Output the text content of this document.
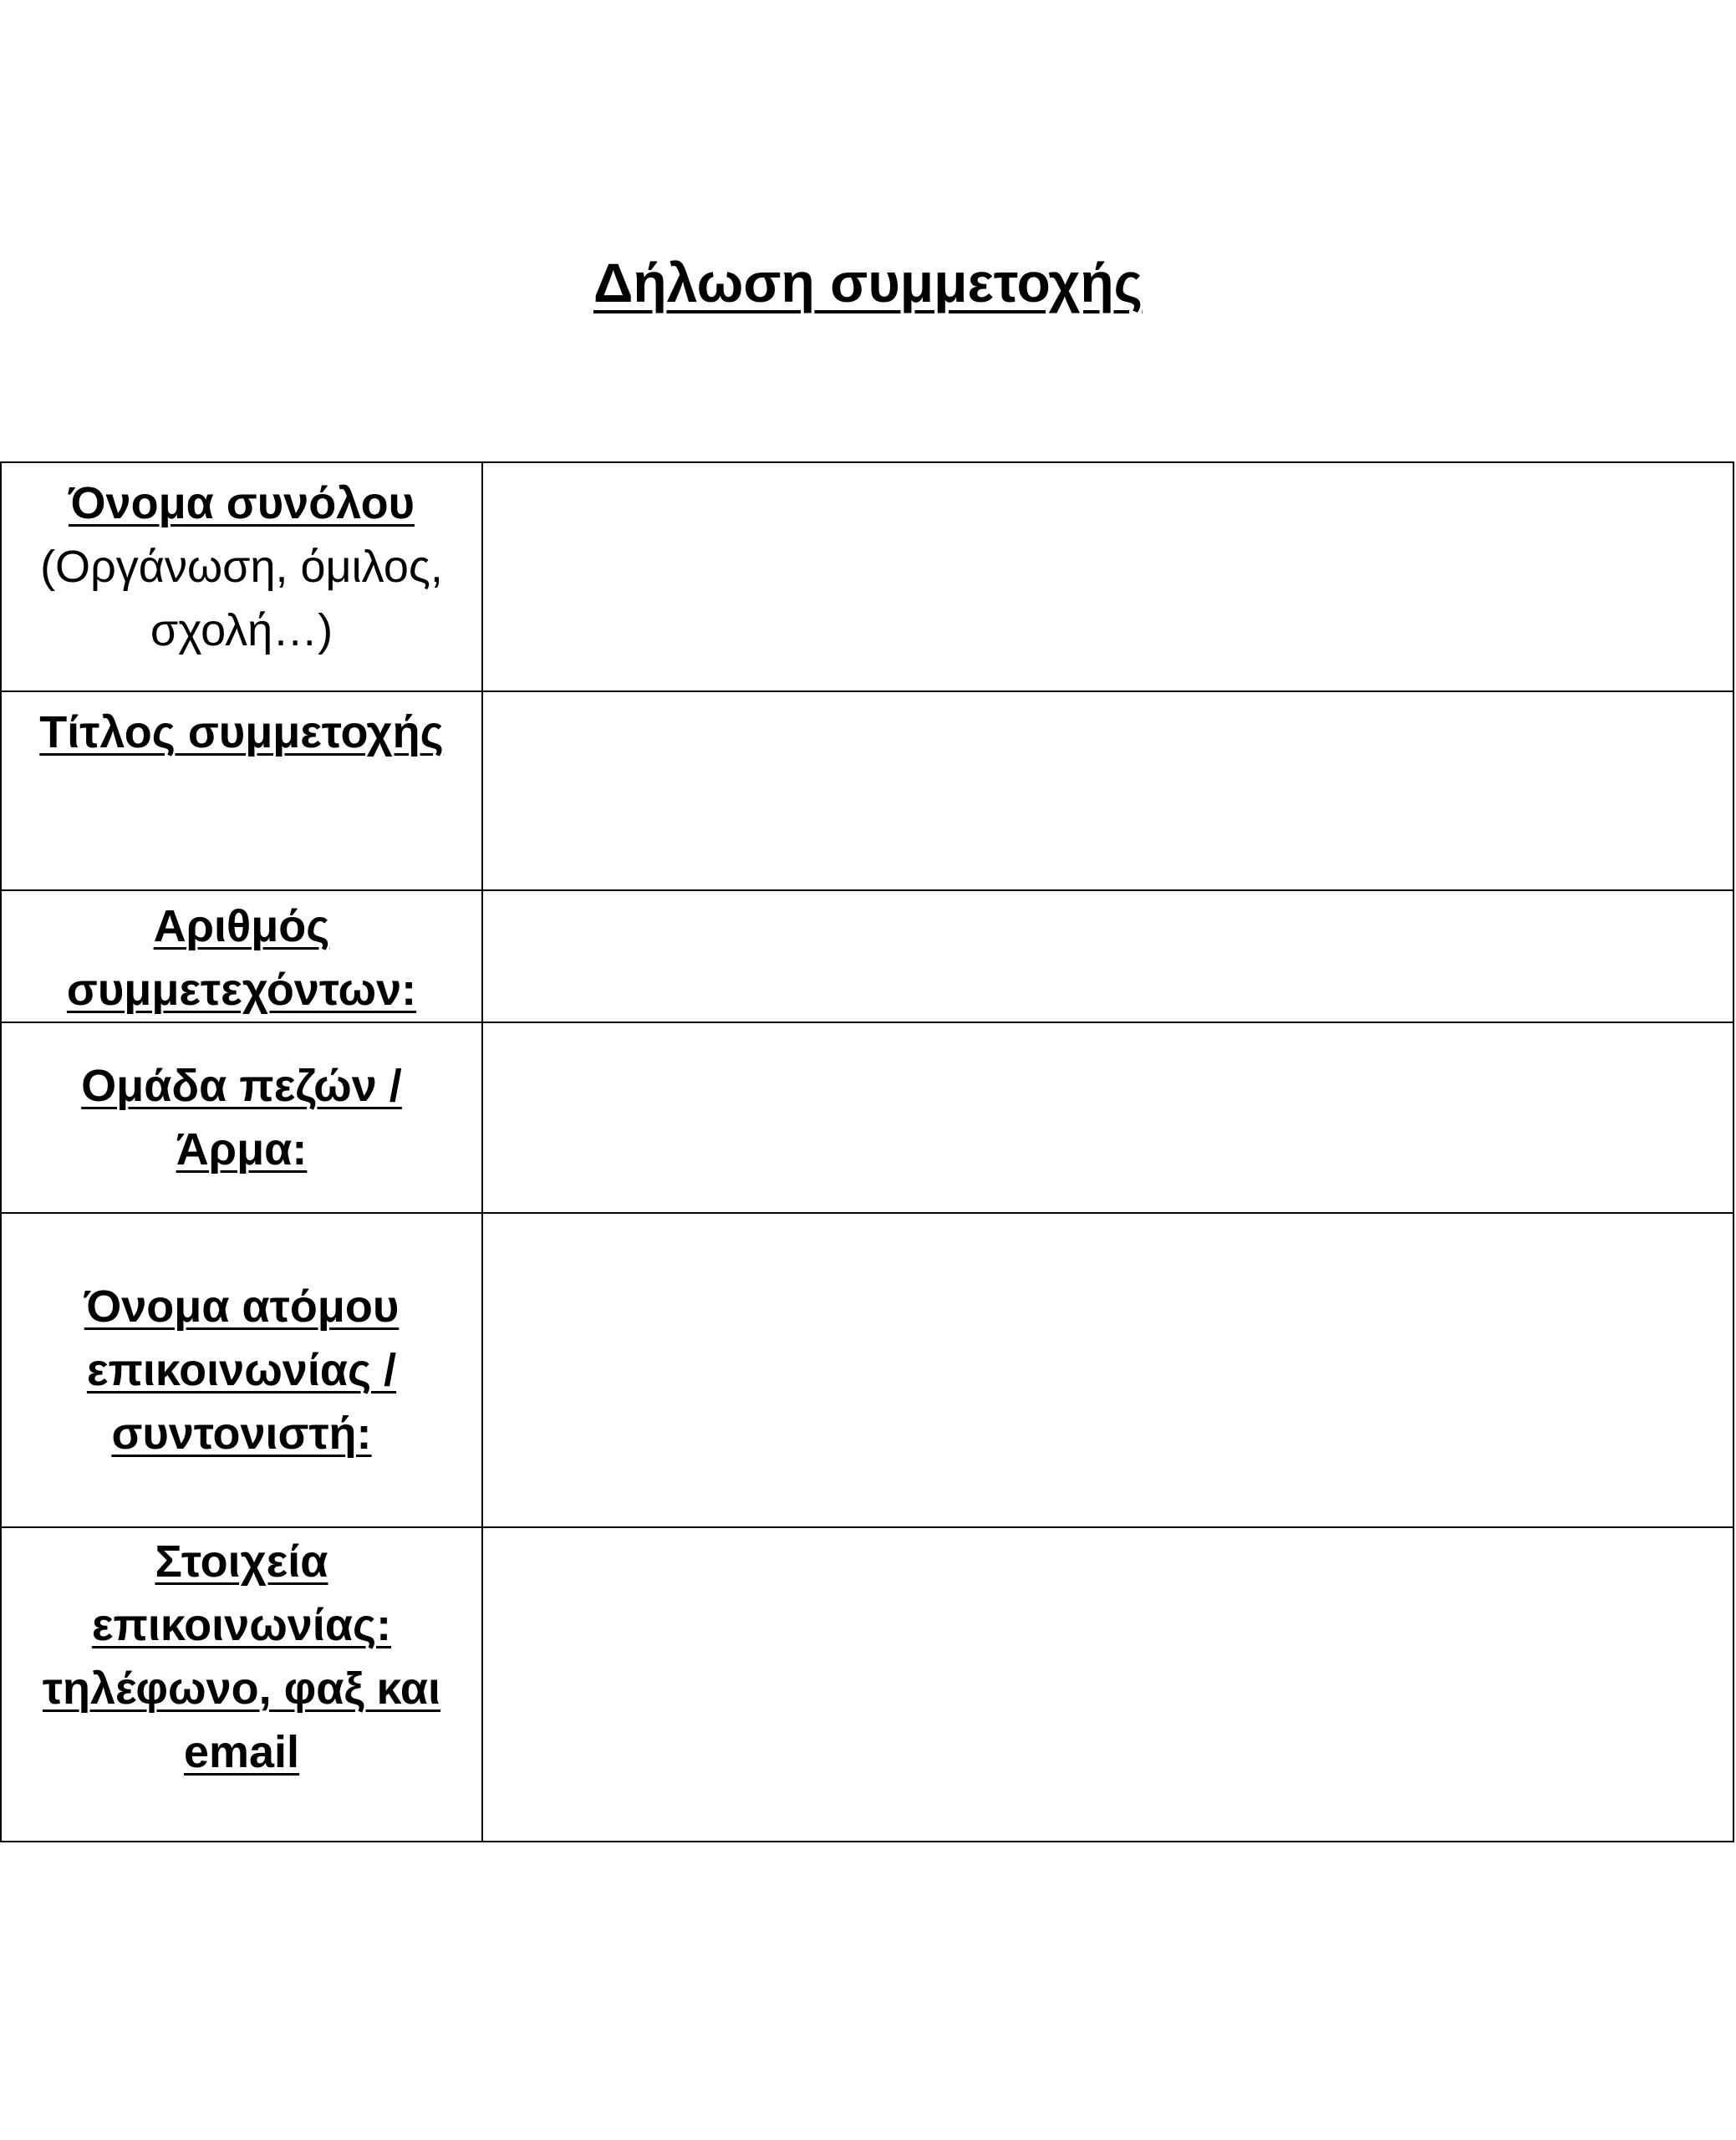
Δήλωση συμμετοχής
Όνομα συνόλου
(Οργάνωση, όμιλος, σχολή…)	

Τίτλος συμμετοχής	

Αριθμός συμμετεχόντων:	

Ομάδα πεζών / Άρμα:	

Όνομα ατόμου επικοινωνίας / συντονιστή:	

Στοιχεία επικοινωνίας: τηλέφωνο, φαξ και email	
